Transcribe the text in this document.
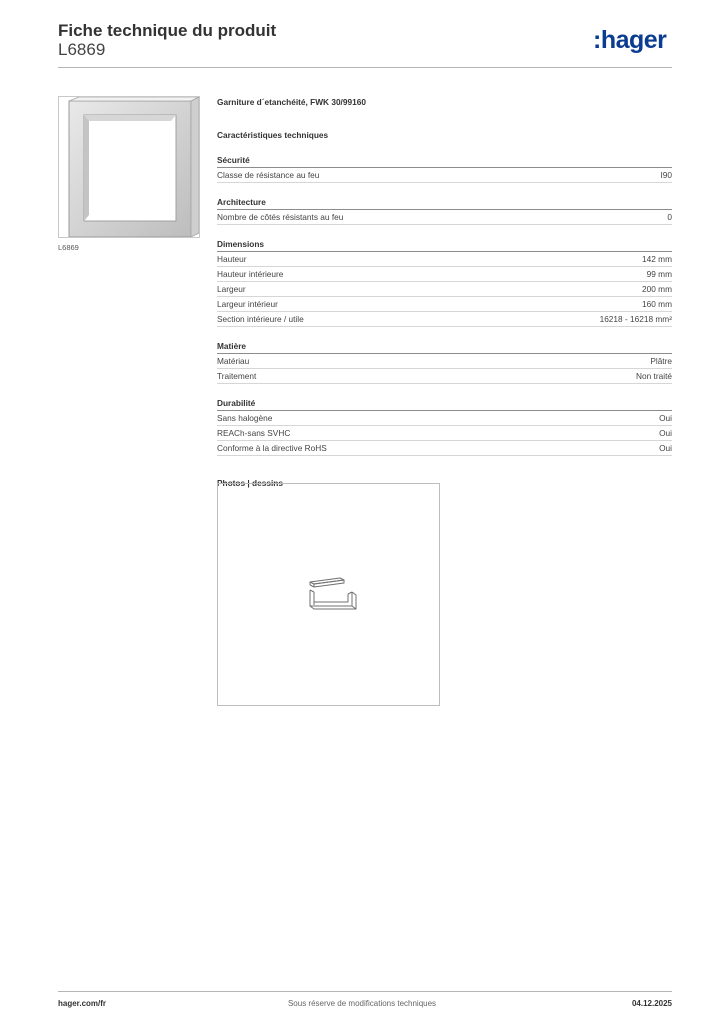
Fiche technique du produit
L6869	:hager
L6869
Garniture d´etanchéité, FWK 30/99160
Caractéristiques techniques
Sécurité
Classe de résistance au feu	I90
Architecture
Nombre de côtés résistants au feu	0
Dimensions
Hauteur	142 mm
Hauteur intérieure	99 mm
Largeur	200 mm
Largeur intérieur	160 mm
Section intérieure / utile	16218 - 16218 mm²
Matière
Matériau	Plâtre
Traitement	Non traité
Durabilité
Sans halogène	Oui
REACh-sans SVHC	Oui
Conforme à la directive RoHS	Oui
Photos | dessins
hager.com/fr	Sous réserve de modifications techniques	04.12.2025
